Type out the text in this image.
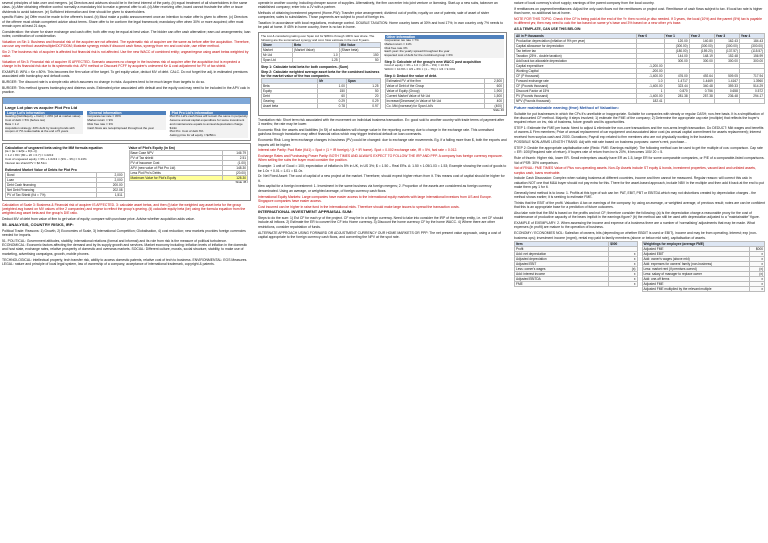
several principles of take-over and mergers. (a) Directors and advisors should be in the best interest of the party. (b) equal treatment of all shareholders in the same class. (c) After obtaining effective control normally a mandatory bid to make a general offer to all. (d) After receiving offer, board cannot frustrate the offer or issue dividends to avoid takeover. (e) Sufficient information and time should be given to shareholders.

specific Rules: (a) Offer must be made to the offeree's board. (b) Must make a public announcement once an intention to make offer is given to offeree. (c) Directors of the offeree must obtain competent advice about terms. Share offer to be conform the legal framework; mandatory offer when 30% or more acquired; offer must remain open at least 21 days.

Consideration: the share for share exchange and cash offer; both offer may be equal at best value. The bidder can offer cash alternative; earn-out arrangements; loan notes; combination of consideration.

Valuation on Sin 1: Business and financial risk of the acquirer are not affected. The systematic risk of acquirer are the same as before after the acquisition. Therefore, can use any method: asset/multiple/DCF/DDM; illustrate synergy exists if discount cash flows, synergy from rev and cost side, use either method.

Sin 2: The business risk of acquirer is affected but financial risk is not affected. Use the new WACC of combined entity; ungear/regear using asset betas weighted by value.

Valuation of Sin 3: Financial risk of acquirer IS AFFECTED. Scenario assumes no change in the business risk of acquirer after the acquisition but is expected a change in its financial risk due to its systematic risk. APV method or Discount FCFF by acquirer's unlevered Ke & cost adjustment for PV of tax shield.

EXAMPLE: WFA = Ke x 80%. This becomes the firm value of the target. To get equity value, deduct MV of debt. CALC. Do not forget the adj. in estimated premiums associated with bankruptcy and default costs.

BURGER: The discount rate is a simple ratio which assumes no change in risks. Acquirers tend to be much larger than targets to do so.

BURGER: This method ignores bankruptcy and distress costs. Estimated price associated with default and the equity cost may need to be included in the APV calc in practice.

Large Lot plan vs acquire Plot Pro Ltd
Large Lot's information
Gearing (Debt/Equity + Debt) = 20% (all at market value)
Cost of debt = 5% (before tax)
Beta = 1.2
Acquisition strategy: 40% debt by issuing bonds with coupon of 7% redeemable at the end of 5 years
General information
Corporate tax rate = 30%
Market return = 9%
Risk free rate = 3%
Cash flows are receipt/spread throughout the year
Plot Pro Ltd's information
Plot Pro Ltd's cash flows will remain the same in perpetuity
Assume annual capital expenditure for same investment and maintenance equals to annual depreciation charge $14m
Plot Pro: Cost of debt 6%
Asking price for all equity = $250m
Calculation of ungeared beta using the MM formula equation
βa = βe × E/(E + D(1−t))
= 1.2 × 80 / (80 + 20 × 0.7) = 1.0213
Cost of ungeared equity = 3% + 1.0213 × (9% − 3%) = 9.13%
Interest tax shield PV = $2.51m
Estimated Market Value of Debts for Plot Pro
Bond	2,000
Loan	2,000
Debt Cash financing	200.00
Net Debt Financing	202.08
PV of Tax Shield (Kd = 7%)	1,511
Value of Plot's Equity (in $m)
Base Case NPV	146.79
PV of Tax shield	2.51
PV of Issuance Cost	(1.00)
APV (new value of Plot Pro Ltd)	148.30
Less Plot Pro's Debts	(20.00)
Maximum Value for Plot's Equity	128.30
Slide 45 I

Calculation of Scale 3: Business & Financial risk of acquirer IS AFFECTED. 3: calculate asset betas, and then (i) take the weighted avg asset beta for the group (weighted avg based on MV values of the 2 companies) and regear to reflect the group's gearing. (ii) calculate equity beta (ke) using the formula equation from the weighted avg asset beta and the group's D/E ratio.

Deduct MV of debt from value of firm to get value of equity; compare with purchase price. Advise whether acquisition adds value.

55. ANALYSIS, COUNTRY RISKS, IRP:

Political Trade: Reasons: 1) Growth, 2) Economies of Scale, 3) International Competition; Globalisation, 4) cost reduction; new markets provides foreign currencies needed for imports.

51. POLITICAL: Government attitudes, stability, international relations (formal and informal) and its role from risk is the measure of political turbulence. ECONOMICAL: Economic factors affecting the demand and by its supply growth and services. Market economy including: inflation levels of inflation in the domestic and host state, exchange rates, relative prosperity of domestic and overseas markets. SOCIAL: Different culture, morals, social structure, stability, to make use of marketing, advertising campaigns, growth, mobile phones.

TECHNOLOGICAL: intellectual property, tech transfer risk, ability to access domestic patents, relative cost of tech to business. ENVIRONMENTAL: EGS Measures. LEGAL: nature and principle of local legal system, law of ownership of a company, acceptance of international trademark, copyright & patents.

operate in another country, including cheaper source of supplies. Alternatively, the firm can enter into joint venture or licensing. Start-up a new subs, takeover an established company; enter into a JV with a partner.

Methods of obtaining investment payment (Home-PW): Transfer price arrangement; dividend out of profits; royalty on use of patents; sale of asset of sister companies; sales to subsidiaries. Those payments are subject to proof of foreign inv.

Taxation: In accordance with local regulations, exchange control. DOUBLE TAXATION: Home country taxes at 30% and host 17%; in own country only 7% needs to be paid at home. If 45% in home country, there is no tax in home.

The List & considering taking over Span Ltd for $450m through 100% new share. The following are the summarised synergy and cost. Now estimate in the next 8 years.
Share	Beta	Mkt Value
Market	(Market Value)	(Share beta)
Mr Ltd	1.0	150
Span Ltd	1.25	50
Step 1: Calculate total beta for both companies. (Sum)
Step 2: Calculate weighted average asset beta for the combined business for the market value of the two companies.
	Mr	Span
Beta	1.00	1.25
Equity	150	50
Debt	60	20
Gearing	0.29	0.29
Asset beta	0.78	0.97
Other information
Corporation tax rate = 7%
Market return = 11%
Risk free rate 3%
Each year: the yearly spread throughout the year
Expected cost of debt for the combined group = 6%
Step 3: Calculate of the group's new WACC post acquisition
Cost of equity = 3% + 1.0 × (11% − 3%) = 10.6%
WACC = 10.6% × 3/4 + 6% × (1 − 7%) × 1/4 = 9.34%
Step 4: Deduct the value of debt.
Estimated PV of the firm	2,500
Value of Debt of the Group	600
Value of Equity (Group)	1,900
Current Market Value of Mr Ltd	1,500
Increase/(Decrease) in Value of Mr Ltd	400
Co. Mkt (increase) for Span Ltd's	(400)
Slide 46

Translation risk: Short term risk associated with the movement on individual business transaction. Ex: good sold to another country with trade terms of payment after 3 months; the rate may be lower.

Economic Risk: the assets and liabilities (in Sf) of subsidiaries will change value in the reporting currency due to change in the exchange rate. This unrealised gain/loss through translation may affect financial ratios which may trigger technical default on loan covenants.

Economic Risk: Long term exchange changes in business (PV) could be changed: due to exchange rate movements. Eg. if a falling more than $, both the exports and imports will be higher.

Interest rate Parity: Fwd Rate (Kd1) = Spot × (1 + IR foreign) / (1 + IR home). Spot = 0.002 exchange rate, IR = 5%, fwd rate = 0.012.

Exchange Rates and Purchasing Power Parity: BOTH TIMES AND ALWAYS EXPECT TO FOLLOW THE IRP AND PPP. A company has foreign currency exposure. When selling the subs the buyer must consider the position.

Example: 1 unit of Good = 100; expectation of inflation is 5% in UK, in US 3%; $ = 1.50 – Real ERs. A: 1.50 × 1.05/1.03 = 1.53; Example showing the cost of goods to be 1.0x + 0.01 = 1.01 = $1.0x.

Dr. Net Fixed Asset: The cost of capital of a new project at the market. Thereforer, should expect higher return from it. This means cost of capital should be higher for it.

New capital for a foreign investment: 1. Investment in the same business via foreign mergers; 2. Proportion of the assets are considered as foreign currency denominated. Using an average, or weighted average, of foreign currency cash flows.

International Equity Markets: Large companies have easier access to the international equity markets with large international investors from US and Europe. Singapore companies have easier access.

Cost incurred can be higher in raise fund in the international mkts. Therefore should make large issues to spread the transaction costs.

INTERNATIONAL INVESTMENT APPRAISAL SUM:

Steps to do the sum: 1) Est CF for each yr of the project. CF may be in a foreign currency. Need to take into consider the IRP of the foreign entity, i.e. net CF should include all inflows. 2) Estimate the ER to convert the CF into Home currency. 3) Discount the home currency CF by the home WACC. 4) Where there are other restrictions, consider repatriation of funds.

ALTERNATE APPROACH USING FORWARD OR ADJUSTMENT CURRENCY OUR HOME MARKETS OR PPP: The net present value approach, using a cost of capital appropriate to the foreign currency cash flows, and converting the NPV at the spot rate.

nature of local currency's short supply; earnings of the parent company from the local country.

If remittances on payment/remittances: Adjust the only cash flows not the remittances or project cost. Remittance of cash flows subject to tax. If local tax rate is higher than home, no additional tax at home.

NOTE FOR THIS TOPIC: Check if the CF is being paid at the end of the Yr: then no mid-yr disc needed. If 3 years, the local (10%) and the parent (5%) tax is payable in different yrs; then may need to calc the tax based on same yr's base and 3% based on a new other yr's base.

AS A TEMPLATE, CAN USE THIS BELOW:

All in P thousands	Year 0	Year 1	Year 2	Year 3	Year 4
Production depreciation (inflation of 9% per year)		120.00	140.80	162.43	184.43
Capital allowance for depreciation		(300.00)	(300.00)	(300.00)	(300.00)
Tax before tax		(180.00)	(159.20)	(137.57)	(115.57)
Taxation (25% - double taxation)		144.00	148.19	152.48	156.99
Add back tax allowable depreciation		300.00	300.00	300.00	300.00
Capital expenditure	-1,200.00				
Working Capital	-200.00				
CF (P thousand)	-1,400.00	476.00	492.64	509.05	717.94
Forward exchange rate	1.0	1.4717	1.4469	1.4167	1.3960
CF (Pounds thousand)	-1,400.00	323.44	340.48	359.33	514.29
Discount Factor at 15%	1	0.870	0.756	0.658	0.572
PV (Pounds thousand)	-1,400.00	281.38	257.38	236.48	294.17
NPV (Pounds thousand)	182.41				

Future maintainable earning (fme) Method of Valuation:

Suitable for put businesses in which the CFs it's unreliable or inappropriate. Suitable for companies with steady or regular CASH; non-free basis. It is a simplification of the discounted CF method. Majority, it steps involved; 1) estimate the FME of the company; 2) Determine the appropriate cap rate (multiple) that reflects the buyer's required return on inv, risk of business, future growth and its opportunities.

STEP 1: Estimate the FME per basis: Need to adjust & eliminate the non-core transactions and the non-arms length transaction. Do DEDUCT: Mkt wages and benefits of owners & Firm members; Price of annual replacement of car equipment and associated labor cost (as annual capital commitment for assets replacement); Interest received from surplus cash and 2000. Donations; Payroll exp related to firm members who are not physically working in the business.

POSSIBLE NON-ARMS LENGTH TRANS: Adj with mkt rate based on business purposes: owner's rent, purchase...

STEP 2: Decide the appropriate capitalisation rate (Redo: FME: Earnings multiple): The following method can be used to get the multiple of cos: comparison. Cap rate = ER: 100/(Required rate of return). If buyers rate of return from inv is 20%, it becomes 100/ 20 = 5.

Rule of thumb: Higher risk, lower ER. Small enterprises usually have ER as 1.5, large ER for some comparable companies, or P/E of a comparable-listed comparisons. Val of PSR: 30% comparison.

Val of FINAL: FME TIMES Value of Plus non-operating assets. Non-Op Assets include ST equity & bonds, investment properties, vacant land and unlisted assets, surplus cash, loans receivable.

Include Cash Discussion: Complex when valuing business at different countries, income and then cannot be measured. Regular reason: will correct this calc in valuation NOT one that M&A buyer should not pay extra for this. There for the asset-based approach, include NBV in the multiple and then add it back at the end to put make them pay 1 for it.

Generally best method is to know: 1. Profits at this type of sub can be: PAT, EBIT, PBT or EBITDA which may not distortions created by depreciation charges - the method shows earlier; it is seeking to estimate FME.

Thinks that the EBIT of the profit. Valuation: A tax on earnings of the company: by using an average, or weighted average, of previous result; notes are can be confident that this is an appropriate base for a prediction of future outcomes.

Also take note that the BM is based on the profits and not CF; therefore consider the following: (a) Is the depreciation charge a reasonable proxy for the cost of maintenance of productive capacity of the bears implicit in the earnings figure? (b) the method can still be used with depreciation adjusted to a "maintainable" figure.

EXAMPLE of EXEMPLARY: 2. When assessing the income and expense of a business there are a number of 'normalising' adjustments that may be made. What expenses (in profit) are mature to the operation of business.

ECONOMY / ECONOMIES NOL: Sales/tax of owners, bits (depending on whether EBDIT is used or EBIT), income and may be from operating. Interest; exp (non-business ops); investment income (mgmt), rental exp paid to family members (above or below mkt rate), capitalisation of assets.

Item	$000
Profit	
Add: net depreciation	x
Adjusted depreciation	x
Adjusted EBIT	x
Less: owner's wages	(x)
Add: interest income	x
Adjusted EBITDA	x
FME	x
Weightings for employee (average FME)	
Adjusted FME	$000
Adjusted EBIT	x
Add: owner's wages (above mkt)	x
Add: expenses for owners' family (non-business)	x
Less: market rent (if premises owned)	(x)
Less: salary of manager to replace owner	(x)
Add: one-off items	x
Adjusted FME	x
Adjusted FME multiplied by the relevant multiple	x
